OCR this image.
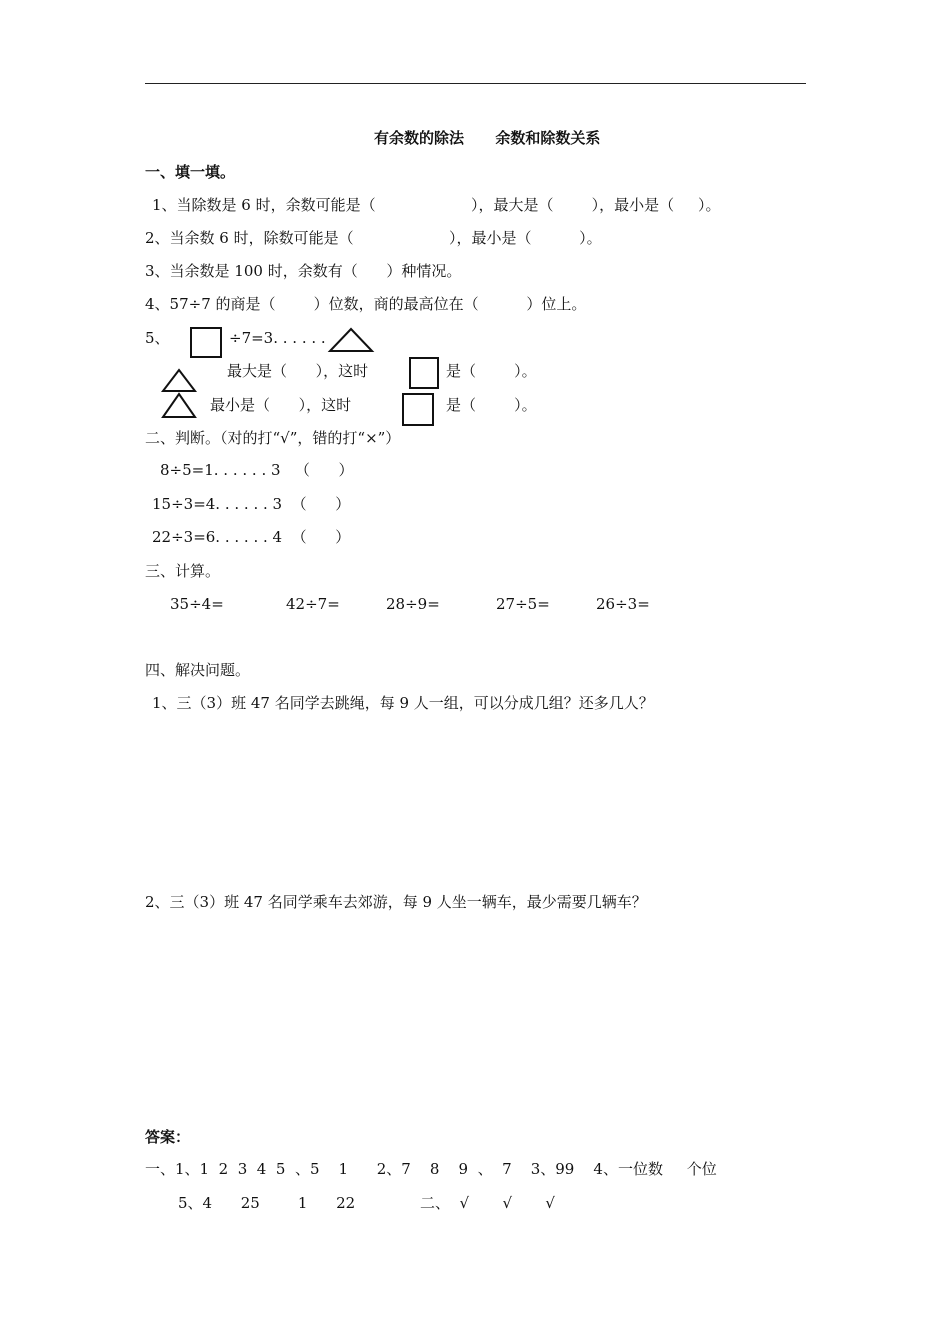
有余数的除法      余数和除数关系
一、填一填。
1、当除数是 6 时，余数可能是（                    ），最大是（        ），最小是（     ）。
2、当余数 6 时，除数可能是（                    ），最小是（          ）。
3、当余数是 100 时，余数有（      ）种情况。
4、57÷7 的商是（        ）位数，商的最高位在（          ）位上。
5、	÷7=3. . . . . .
最大是（      ），这时	是（        ）。
最小是（      ），这时	是（        ）。
二、判断。（对的打“√”，错的打“×”）
8÷5=1. . . . . . 3   （      ）
15÷3=4. . . . . . 3  （      ）
22÷3=6. . . . . . 4  （      ）
三、计算。
35÷4=	42÷7=	28÷9=	27÷5=	26÷3=
四、解决问题。
1、三（3）班 47 名同学去跳绳，每 9 人一组，可以分成几组？还多几人？
2、三（3）班 47 名同学乘车去郊游，每 9 人坐一辆车，最少需要几辆车？
答案：
一、1、1  2  3  4  5  、5    1      2、7    8    9  、  7    3、99    4、一位数     个位
5、4      25        1      22	二、  √       √       √
